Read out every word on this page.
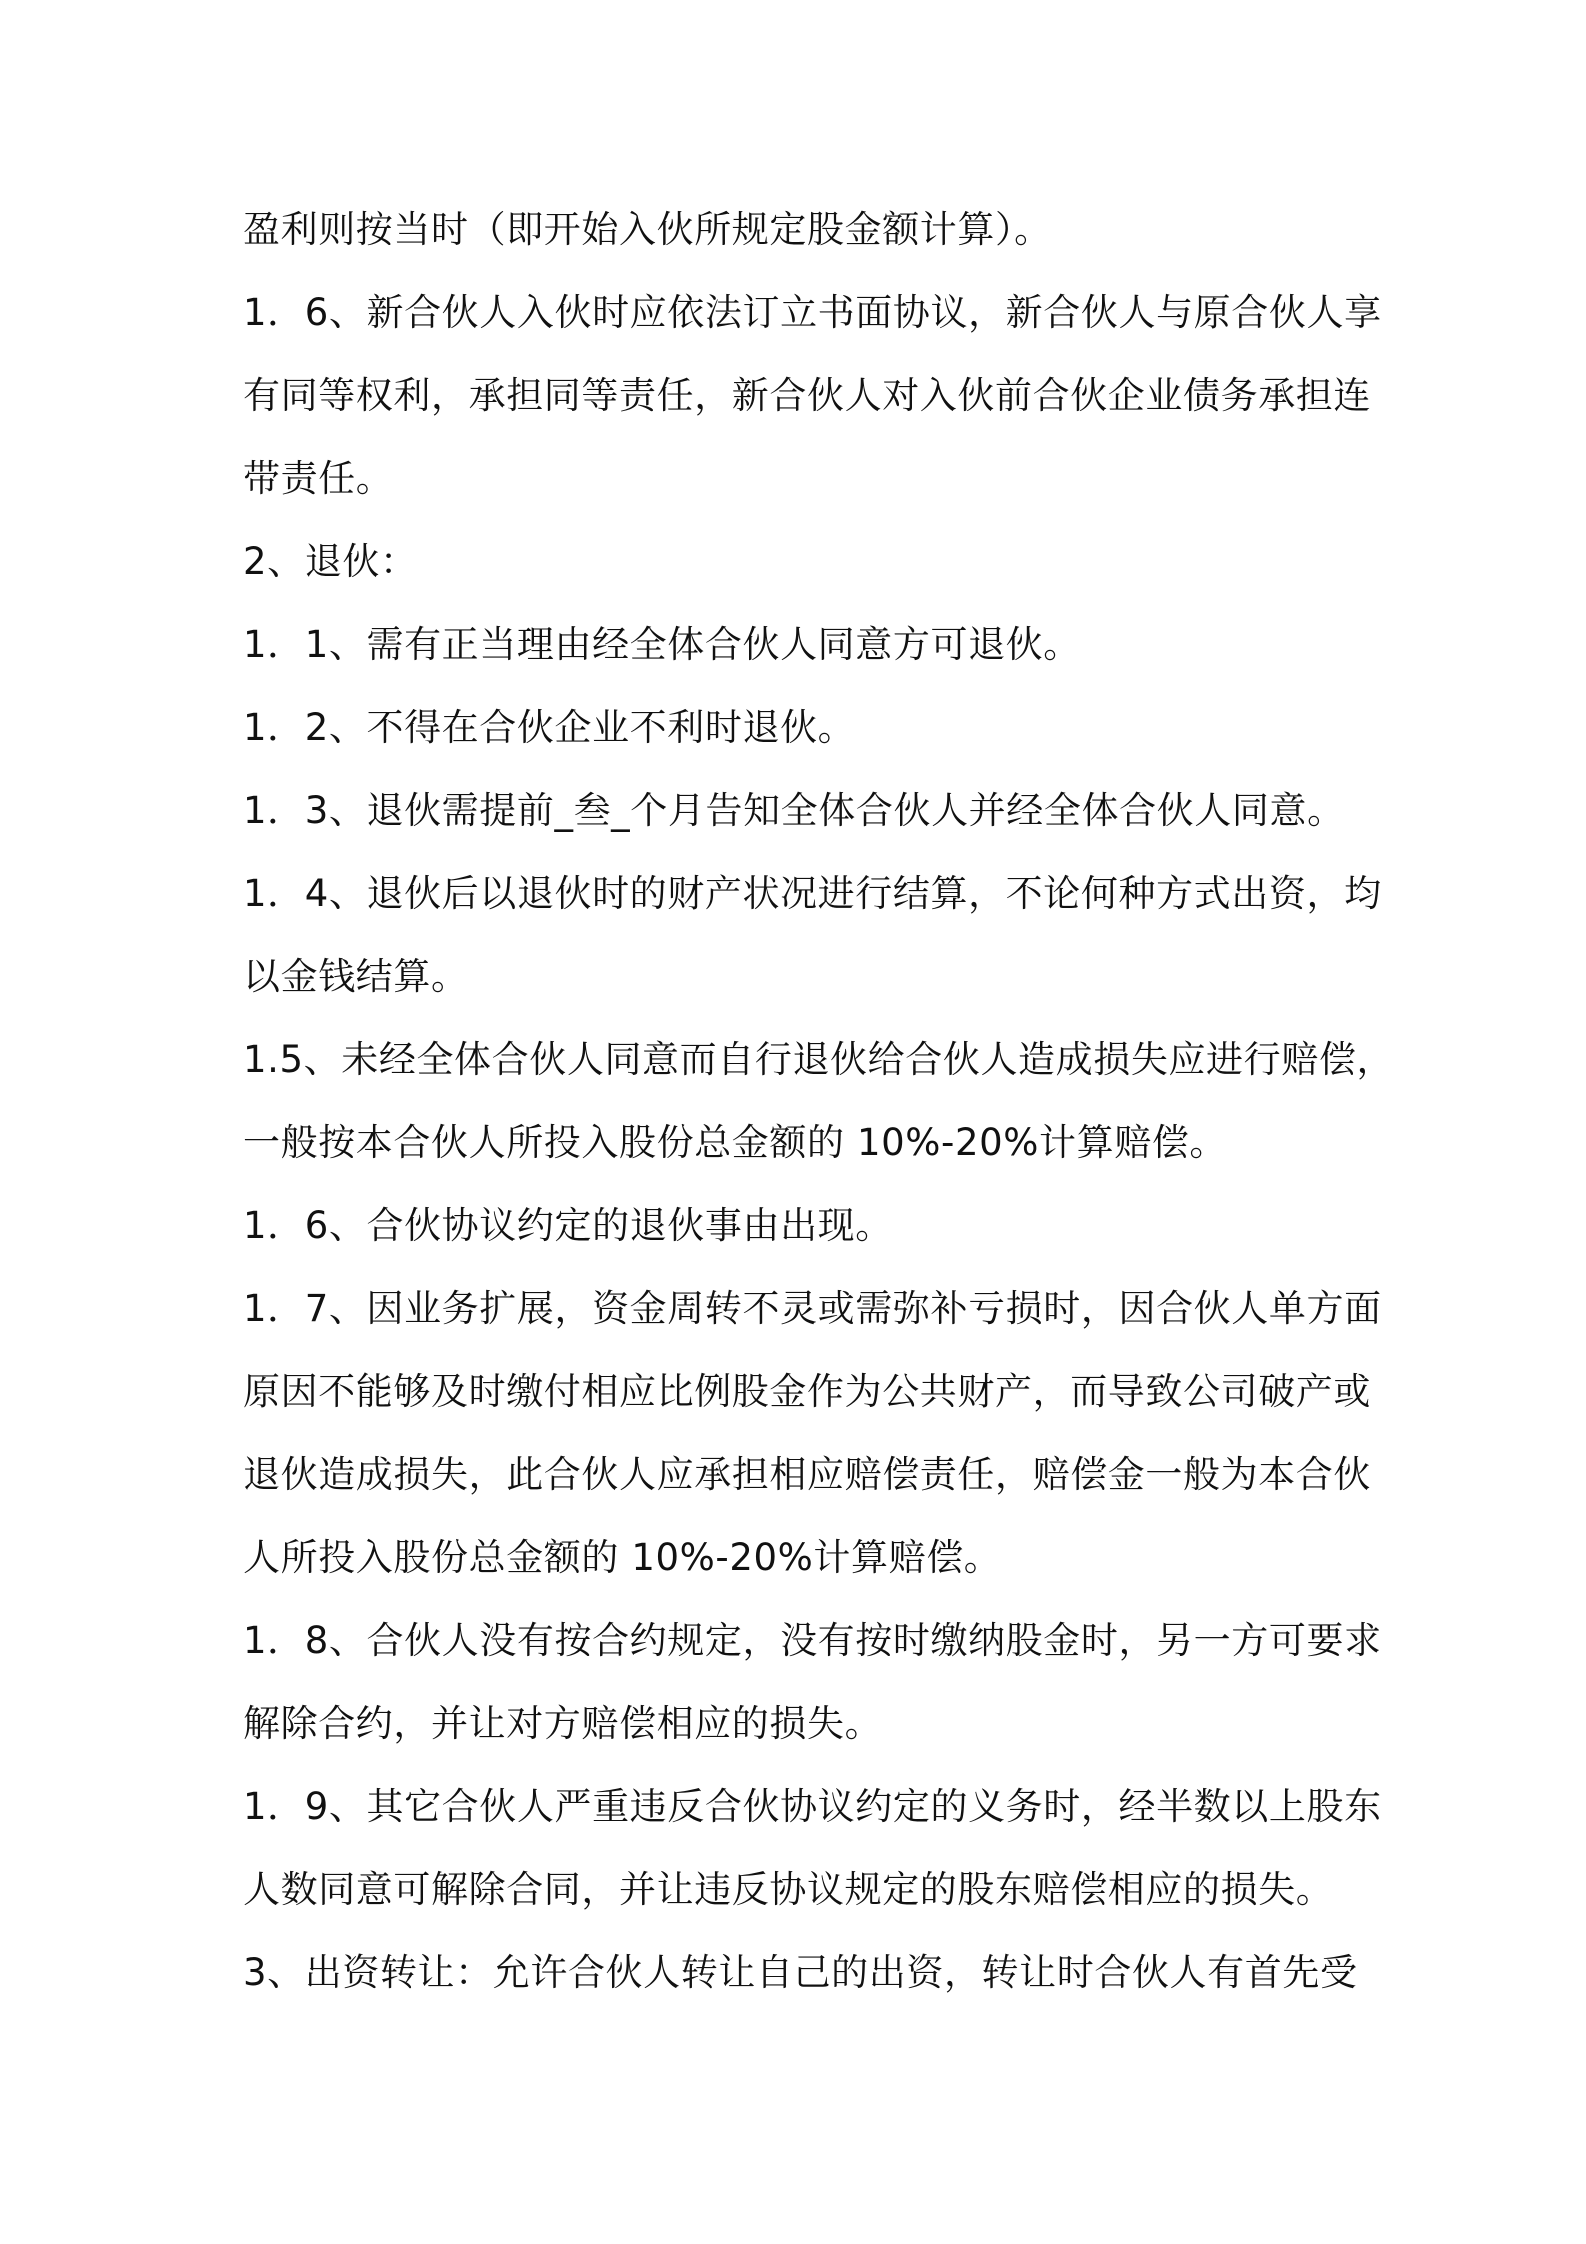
盈利则按当时（即开始入伙所规定股金额计算）。
1．6、新合伙人入伙时应依法订立书面协议，新合伙人与原合伙人享
有同等权利，承担同等责任，新合伙人对入伙前合伙企业债务承担连
带责任。
2、退伙：
1．1、需有正当理由经全体合伙人同意方可退伙。
1．2、不得在合伙企业不利时退伙。
1．3、退伙需提前_叁_个月告知全体合伙人并经全体合伙人同意。
1．4、退伙后以退伙时的财产状况进行结算，不论何种方式出资，均
以金钱结算。
1.5、未经全体合伙人同意而自行退伙给合伙人造成损失应进行赔偿，
一般按本合伙人所投入股份总金额的 10%-20%计算赔偿。
1．6、合伙协议约定的退伙事由出现。
1．7、因业务扩展，资金周转不灵或需弥补亏损时，因合伙人单方面
原因不能够及时缴付相应比例股金作为公共财产，而导致公司破产或
退伙造成损失，此合伙人应承担相应赔偿责任，赔偿金一般为本合伙
人所投入股份总金额的 10%-20%计算赔偿。
1．8、合伙人没有按合约规定，没有按时缴纳股金时，另一方可要求
解除合约，并让对方赔偿相应的损失。
1．9、其它合伙人严重违反合伙协议约定的义务时，经半数以上股东
人数同意可解除合同，并让违反协议规定的股东赔偿相应的损失。
3、出资转让：允许合伙人转让自己的出资，转让时合伙人有首先受
